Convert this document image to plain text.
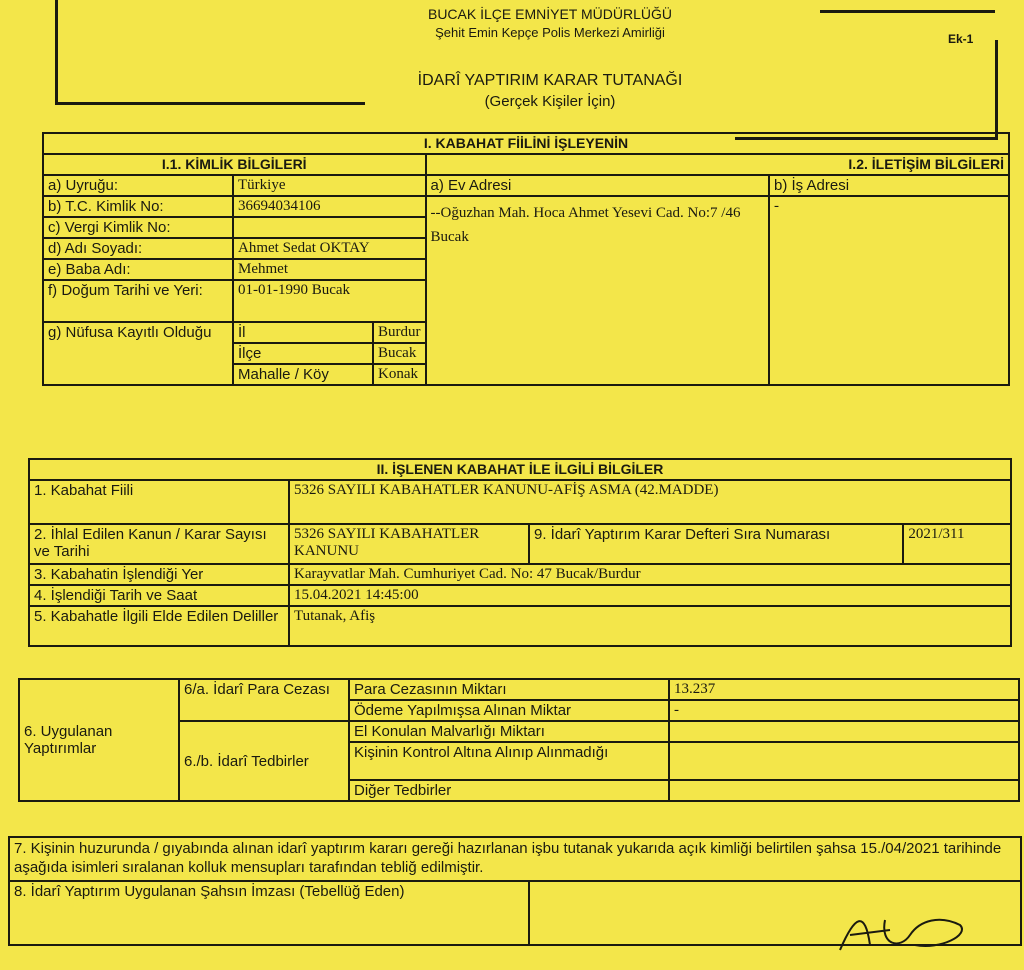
BUCAK İLÇE EMNİYET MÜDÜRLÜĞÜ
Şehit Emin Kepçe Polis Merkezi Amirliği	Ek-1
İDARÎ YAPTIRIM KARAR TUTANAĞI
(Gerçek Kişiler İçin)
I. KABAHAT FİİLİNİ İŞLEYENİN				
I.1. KİMLİK BİLGİLERİ			I.2. İLETİŞİM BİLGİLERİ	
a) Uyruğu:	Türkiye		a) Ev Adresi	b) İş Adresi
b) T.C. Kimlik No:	36694034106		--Oğuzhan Mah. Hoca Ahmet Yesevi Cad. No:7 /46 Bucak	-
c) Vergi Kimlik No:				
d) Adı Soyadı:	Ahmet Sedat OKTAY			
e) Baba Adı:	Mehmet			
f) Doğum Tarihi ve Yeri:	01-01-1990 Bucak			
g) Nüfusa Kayıtlı Olduğu	İl	Burdur		
	İlçe	Bucak		
	Mahalle / Köy	Konak		
II. İŞLENEN KABAHAT İLE İLGİLİ BİLGİLER			
1. Kabahat Fiili	5326 SAYILI KABAHATLER KANUNU-AFİŞ ASMA (42.MADDE)		
2. İhlal Edilen Kanun / Karar Sayısı ve Tarihi	5326 SAYILI KABAHATLER KANUNU	9. İdarî Yaptırım Karar Defteri Sıra Numarası	2021/311
3. Kabahatin İşlendiği Yer	Karayvatlar Mah. Cumhuriyet Cad. No: 47 Bucak/Burdur		
4. İşlendiği Tarih ve Saat	15.04.2021 14:45:00		
5. Kabahatle İlgili Elde Edilen Deliller	Tutanak, Afiş		
6. Uygulanan Yaptırımlar	6/a. İdarî Para Cezası	Para Cezasının Miktarı	13.237
		Ödeme Yapılmışsa Alınan Miktar	-
	6./b. İdarî Tedbirler	El Konulan Malvarlığı Miktarı	
		Kişinin Kontrol Altına Alınıp Alınmadığı	
		Diğer Tedbirler	
7. Kişinin huzurunda / gıyabında alınan idarî yaptırım kararı gereği hazırlanan işbu tutanak yukarıda açık kimliği belirtilen şahsa 15./04/2021 tarihinde aşağıda isimleri sıralanan kolluk mensupları tarafından tebliğ edilmiştir.
8. İdarî Yaptırım Uygulanan Şahsın İmzası (Tebellüğ Eden)	
